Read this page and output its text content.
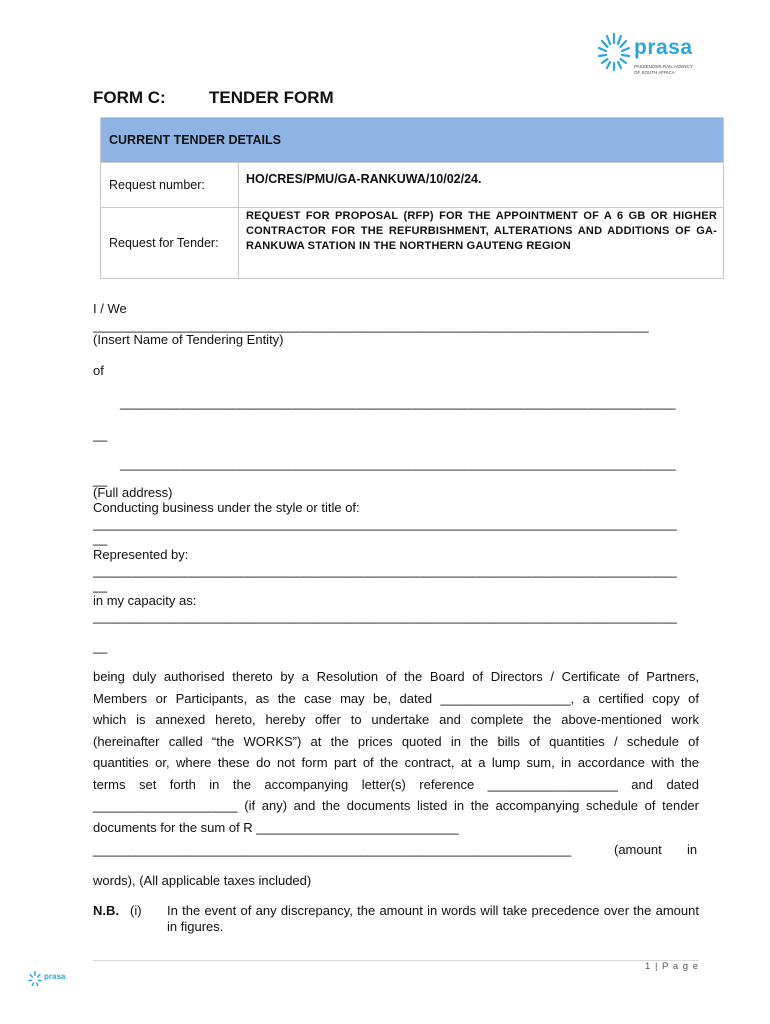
prasa
PASSENGER RAIL AGENCY OF SOUTH AFRICA
FORM C:	TENDER FORM
CURRENT TENDER DETAILS	
Request number:	HO/CRES/PMU/GA-RANKUWA/10/02/24.
Request for Tender:	REQUEST FOR PROPOSAL (RFP) FOR THE APPOINTMENT OF A 6 GB OR HIGHER CONTRACTOR FOR THE REFURBISHMENT, ALTERATIONS AND ADDITIONS OF GA-RANKUWA STATION IN THE NORTHERN GAUTENG REGION
I / We
_______________________________________________________________________________
(Insert Name of Tendering Entity)
of
_______________________________________________________________________________
__
_______________________________________________________________________________
__
(Full address)
Conducting business under the style or title of:
___________________________________________________________________________________
__
Represented by:
___________________________________________________________________________________
__
in my capacity as:
___________________________________________________________________________________
__
being duly authorised thereto by a Resolution of the Board of Directors / Certificate of Partners,
Members or Participants, as the case may be, dated __________________, a certified copy of
which is annexed hereto, hereby offer to undertake and complete the above-mentioned work
(hereinafter called “the WORKS”) at the prices quoted in the bills of quantities / schedule of
quantities or, where these do not form part of the contract, at a lump sum, in accordance with the
terms set forth in the accompanying letter(s) reference __________________ and dated
____________________ (if any) and the documents listed in the accompanying schedule of tender
documents for the sum of R ____________________________
____________________________________________________________________	(amount in
words), (All applicable taxes included)
N.B. (i) In the event of any discrepancy, the amount in words will take precedence over the amount in figures.
1 | P a g e
prasa
